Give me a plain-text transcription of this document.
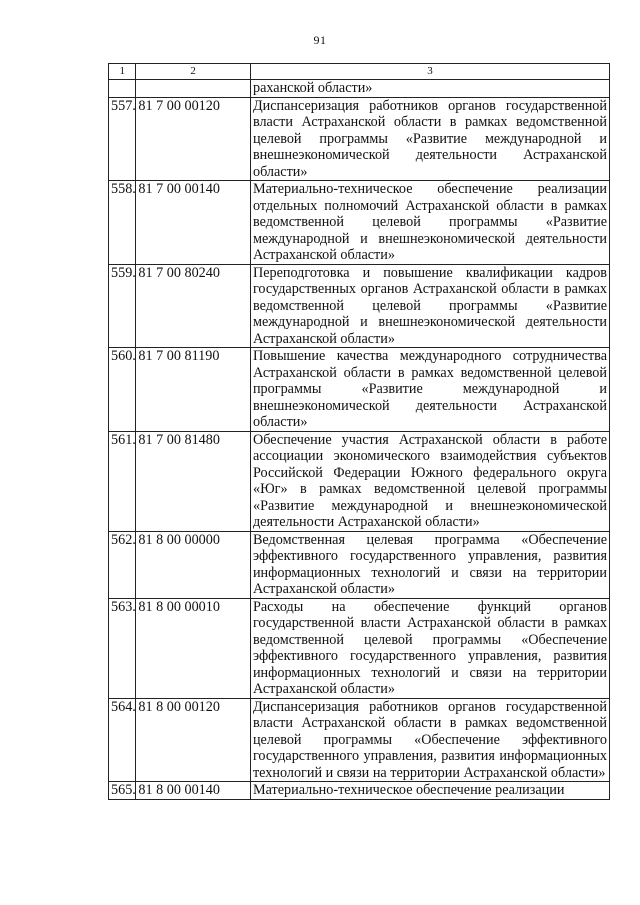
91
1	2	3
		раханской области»
557.	81 7 00 00120	Диспансеризация работников органов государственной власти Астраханской области в рамках ведомственной целевой программы «Развитие международной и внешнеэкономической деятельности Астраханской области»
558.	81 7 00 00140	Материально-техническое обеспечение реализации отдельных полномочий Астраханской области в рамках ведомственной целевой программы «Развитие международной и внешнеэкономической деятельности Астраханской области»
559.	81 7 00 80240	Переподготовка и повышение квалификации кадров государственных органов Астраханской области в рамках ведомственной целевой программы «Развитие международной и внешнеэкономической деятельности Астраханской области»
560.	81 7 00 81190	Повышение качества международного сотрудничества Астраханской области в рамках ведомственной целевой программы «Развитие международной и внешнеэкономической деятельности Астраханской области»
561.	81 7 00 81480	Обеспечение участия Астраханской области в работе ассоциации экономического взаимодействия субъектов Российской Федерации Южного федерального округа «Юг» в рамках ведомственной целевой программы «Развитие международной и внешнеэкономической деятельности Астраханской области»
562.	81 8 00 00000	Ведомственная целевая программа «Обеспечение эффективного государственного управления, развития информационных технологий и связи на территории Астраханской области»
563.	81 8 00 00010	Расходы на обеспечение функций органов государственной власти Астраханской области в рамках ведомственной целевой программы «Обеспечение эффективного государственного управления, развития информационных технологий и связи на территории Астраханской области»
564.	81 8 00 00120	Диспансеризация работников органов государственной власти Астраханской области в рамках ведомственной целевой программы «Обеспечение эффективного государственного управления, развития информационных технологий и связи на территории Астраханской области»
565.	81 8 00 00140	Материально-техническое обеспечение реализации
